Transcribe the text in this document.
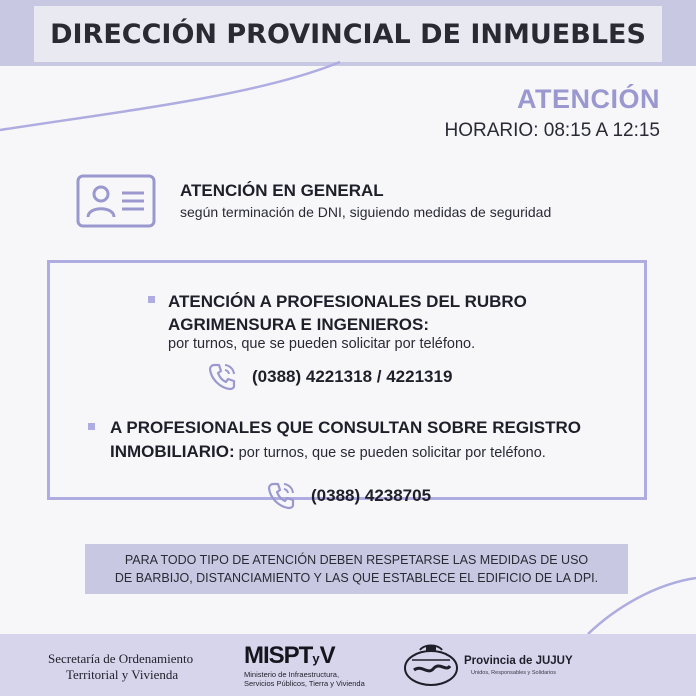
DIRECCIÓN PROVINCIAL DE INMUEBLES
ATENCIÓN
HORARIO: 08:15 A 12:15
ATENCIÓN EN GENERAL
según terminación de DNI, siguiendo medidas de seguridad
ATENCIÓN A PROFESIONALES DEL RUBRO
AGRIMENSURA E INGENIEROS:
por turnos, que se pueden solicitar por teléfono.
(0388) 4221318 / 4221319
A PROFESIONALES QUE CONSULTAN SOBRE REGISTRO
INMOBILIARIO: por turnos, que se pueden solicitar por teléfono.
(0388) 4238705
PARA TODO TIPO DE ATENCIÓN DEBEN RESPETARSE LAS MEDIDAS DE USO
DE BARBIJO, DISTANCIAMIENTO Y LAS QUE ESTABLECE EL EDIFICIO DE LA DPI.
Secretaría de Ordenamiento
Territorial y Vivienda
MISPTyV
Ministerio de Infraestructura,
Servicios Públicos, Tierra y Vivienda
Provincia de JUJUY
Unidos, Responsables y Solidarios
